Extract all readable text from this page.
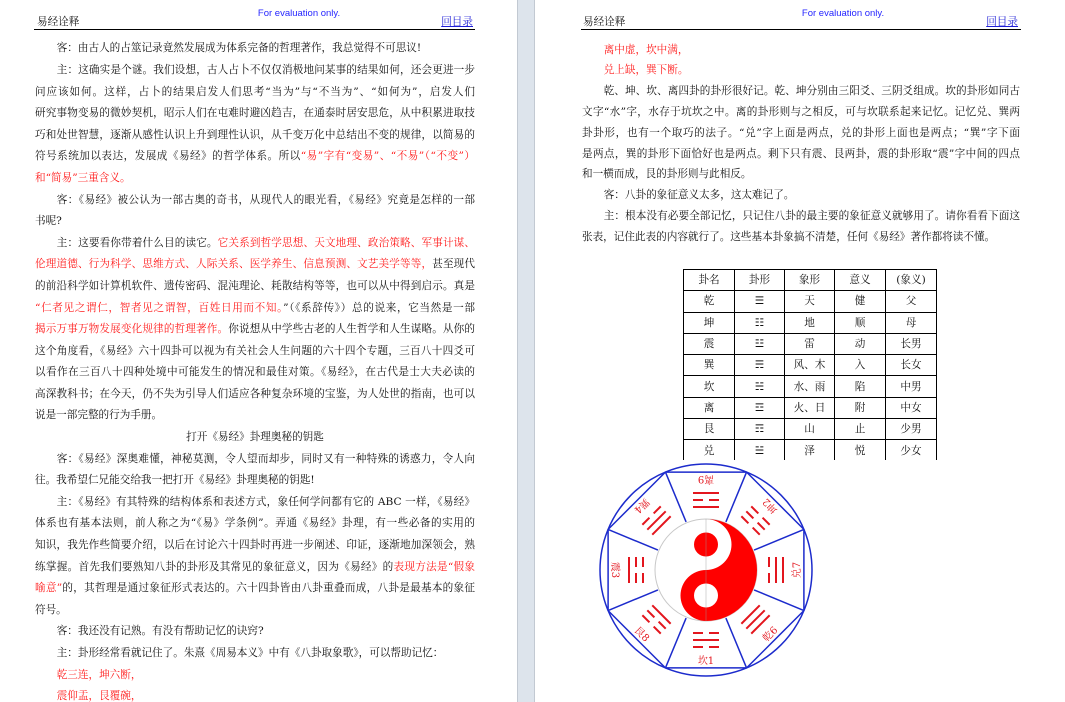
易经诠释
For evaluation only.
回目录
客：由古人的占筮记录竟然发展成为体系完备的哲理著作，我总觉得不可思议!
主：这确实是个谜。我们设想，古人占卜不仅仅消极地问某事的结果如何，还会更进一步
问应该如何。这样，占卜的结果启发人们思考“当为”与“不当为”、“如何为”，启发人们
研究事物变易的微妙契机，昭示人们在屯难时避凶趋吉，在通泰时居安思危，从中积累进取技
巧和处世智慧，逐渐从感性认识上升到理性认识，从千变万化中总结出不变的规律，以简易的
符号系统加以表达，发展成《易经》的哲学体系。所以“易”字有“变易”、“不易”（“不变”）
和“简易”三重含义。
客：《易经》被公认为一部古奥的奇书，从现代人的眼光看，《易经》究竟是怎样的一部
书呢?
主：这要看你带着什么目的读它。它关系到哲学思想、天文地理、政治策略、军事计谋、
伦理道德、行为科学、思维方式、人际关系、医学养生、信息预测、文艺美学等等，甚至现代
的前沿科学如计算机软件、遗传密码、混沌理论、耗散结构等等，也可以从中得到启示。真是
“仁者见之谓仁，智者见之谓智，百姓日用而不知。”（《系辞传》）总的说来，它当然是一部
揭示万事万物发展变化规律的哲理著作。你说想从中学些古老的人生哲学和人生谋略。从你的
这个角度看，《易经》六十四卦可以视为有关社会人生问题的六十四个专题，三百八十四爻可
以看作在三百八十四种处境中可能发生的情况和最佳对策。《易经》，在古代是士大夫必读的
高深教科书；在今天，仍不失为引导人们适应各种复杂环境的宝鉴，为人处世的指南，也可以
说是一部完整的行为手册。
打开《易经》卦理奥秘的钥匙
客：《易经》深奥难懂，神秘莫测，令人望而却步，同时又有一种特殊的诱惑力，令人向
往。我希望仁兄能交给我一把打开《易经》卦理奥秘的钥匙!
主：《易经》有其特殊的结构体系和表述方式，象任何学问都有它的 ABC 一样，《易经》
体系也有基本法则，前人称之为“《易》学条例”。弄通《易经》卦理，有一些必备的实用的
知识，我先作些简要介绍，以后在讨论六十四卦时再进一步阐述、印证，逐渐地加深领会，熟
练掌握。首先我们要熟知八卦的卦形及其常见的象征意义，因为《易经》的表现方法是“假象
喻意”的，其哲理是通过象征形式表达的。六十四卦皆由八卦重叠而成，八卦是最基本的象征
符号。
客：我还没有记熟。有没有帮助记忆的诀窍?
主：卦形经常看就记住了。朱熹《周易本义》中有《八卦取象歌》，可以帮助记忆：
乾三连，坤六断，
震仰盂，艮覆碗，
易经诠释
For evaluation only.
回目录
离中虚，坎中满，
兑上缺，巽下断。
乾、坤、坎、离四卦的卦形很好记。乾、坤分别由三阳爻、三阴爻组成。坎的卦形如同古
文字“水”字，水存于坑坎之中。离的卦形则与之相反，可与坎联系起来记忆。记忆兑、巽两
卦卦形，也有一个取巧的法子。“兑”字上面是两点，兑的卦形上面也是两点；“巽”字下面
是两点，巽的卦形下面恰好也是两点。剩下只有震、艮两卦，震的卦形取“震”字中间的四点
和一横而成，艮的卦形则与此相反。
客：八卦的象征意义太多，这太难记了。
主：根本没有必要全部记忆，只记住八卦的最主要的象征意义就够用了。请你看看下面这
张表，记住此表的内容就行了。这些基本卦象搞不清楚，任何《易经》著作都将读不懂。
卦名	卦形	象形	意义	(象义)
乾	☰	天	健	父
坤	☷	地	顺	母
震	☳	雷	动	长男
巽	☴	风、木	入	长女
坎	☵	水、雨	陷	中男
离	☲	火、日	附	中女
艮	☶	山	止	少男
兑	☱	泽	悦	少女
离9
坤2
兑7
乾6
坎1
艮8
震3
巽4
